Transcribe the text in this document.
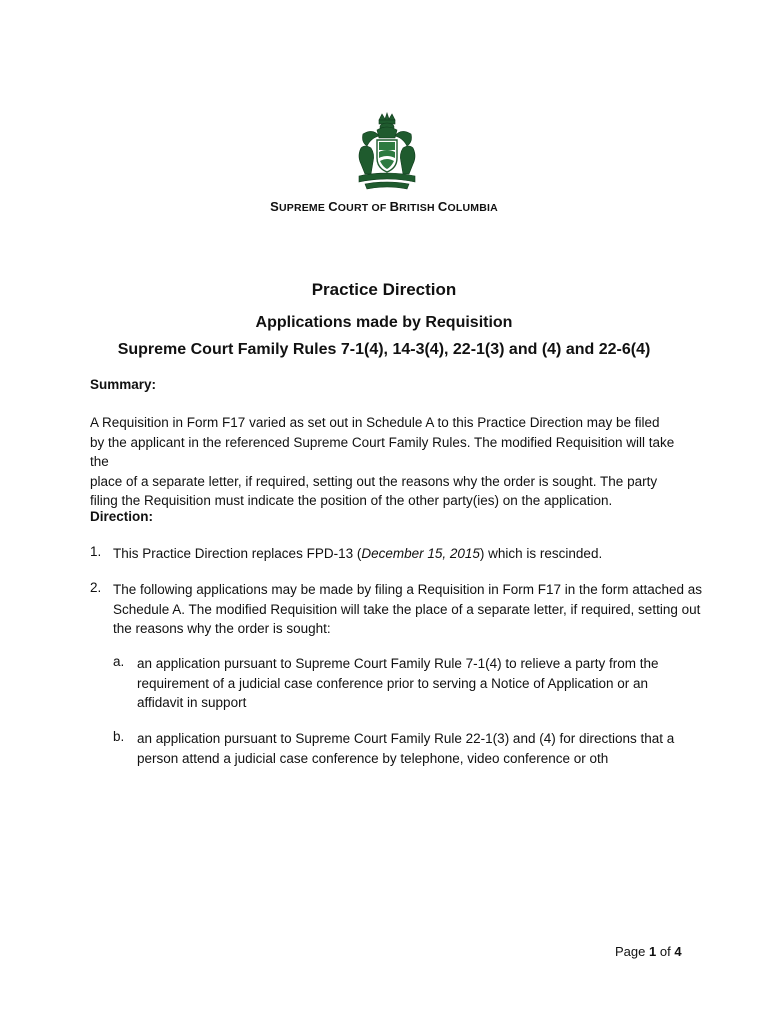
SUPREME COURT OF BRITISH COLUMBIA
Practice Direction
Applications made by Requisition
Supreme Court Family Rules 7-1(4), 14-3(4), 22-1(3) and (4) and 22-6(4)
Summary:
A Requisition in Form F17 varied as set out in Schedule A to this Practice Direction may be filed
by the applicant in the referenced Supreme Court Family Rules. The modified Requisition will take the
place of a separate letter, if required, setting out the reasons why the order is sought. The party
filing the Requisition must indicate the position of the other party(ies) on the application.
Direction:
1. This Practice Direction replaces FPD-13 (December 15, 2015) which is rescinded.
2. The following applications may be made by filing a Requisition in Form F17 in the form attached as
Schedule A. The modified Requisition will take the place of a separate letter, if required, setting out
the reasons why the order is sought:
a. an application pursuant to Supreme Court Family Rule 7-1(4) to relieve a party from the
requirement of a judicial case conference prior to serving a Notice of Application or an
affidavit in support
b. an application pursuant to Supreme Court Family Rule 22-1(3) and (4) for directions that a
person attend a judicial case conference by telephone, video conference or oth
Page 1 of 4
